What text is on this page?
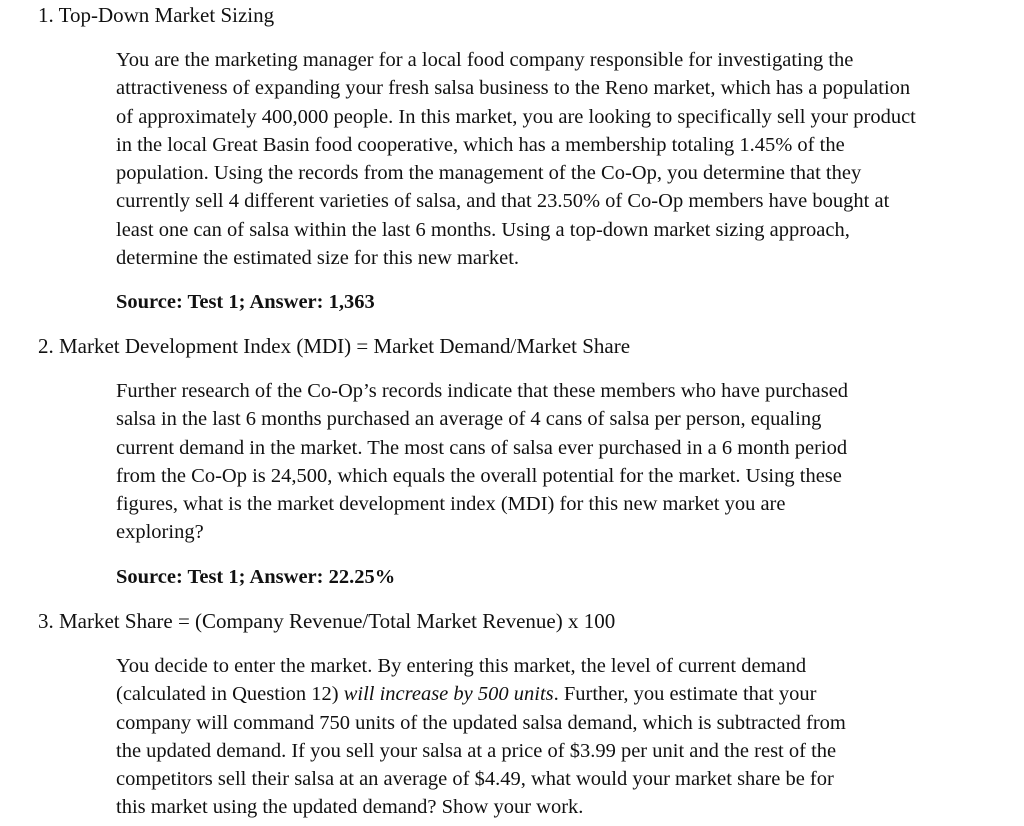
1. Top-Down Market Sizing
You are the marketing manager for a local food company responsible for investigating the
attractiveness of expanding your fresh salsa business to the Reno market, which has a population
of approximately 400,000 people. In this market, you are looking to specifically sell your product
in the local Great Basin food cooperative, which has a membership totaling 1.45% of the
population. Using the records from the management of the Co-Op, you determine that they
currently sell 4 different varieties of salsa, and that 23.50% of Co-Op members have bought at
least one can of salsa within the last 6 months. Using a top-down market sizing approach,
determine the estimated size for this new market.
Source: Test 1; Answer: 1,363
2. Market Development Index (MDI) = Market Demand/Market Share
Further research of the Co-Op’s records indicate that these members who have purchased
salsa in the last 6 months purchased an average of 4 cans of salsa per person, equaling
current demand in the market. The most cans of salsa ever purchased in a 6 month period
from the Co-Op is 24,500, which equals the overall potential for the market. Using these
figures, what is the market development index (MDI) for this new market you are
exploring?
Source: Test 1; Answer: 22.25%
3. Market Share = (Company Revenue/Total Market Revenue) x 100
You decide to enter the market. By entering this market, the level of current demand
(calculated in Question 12) will increase by 500 units. Further, you estimate that your
company will command 750 units of the updated salsa demand, which is subtracted from
the updated demand. If you sell your salsa at a price of $3.99 per unit and the rest of the
competitors sell their salsa at an average of $4.49, what would your market share be for
this market using the updated demand? Show your work.
